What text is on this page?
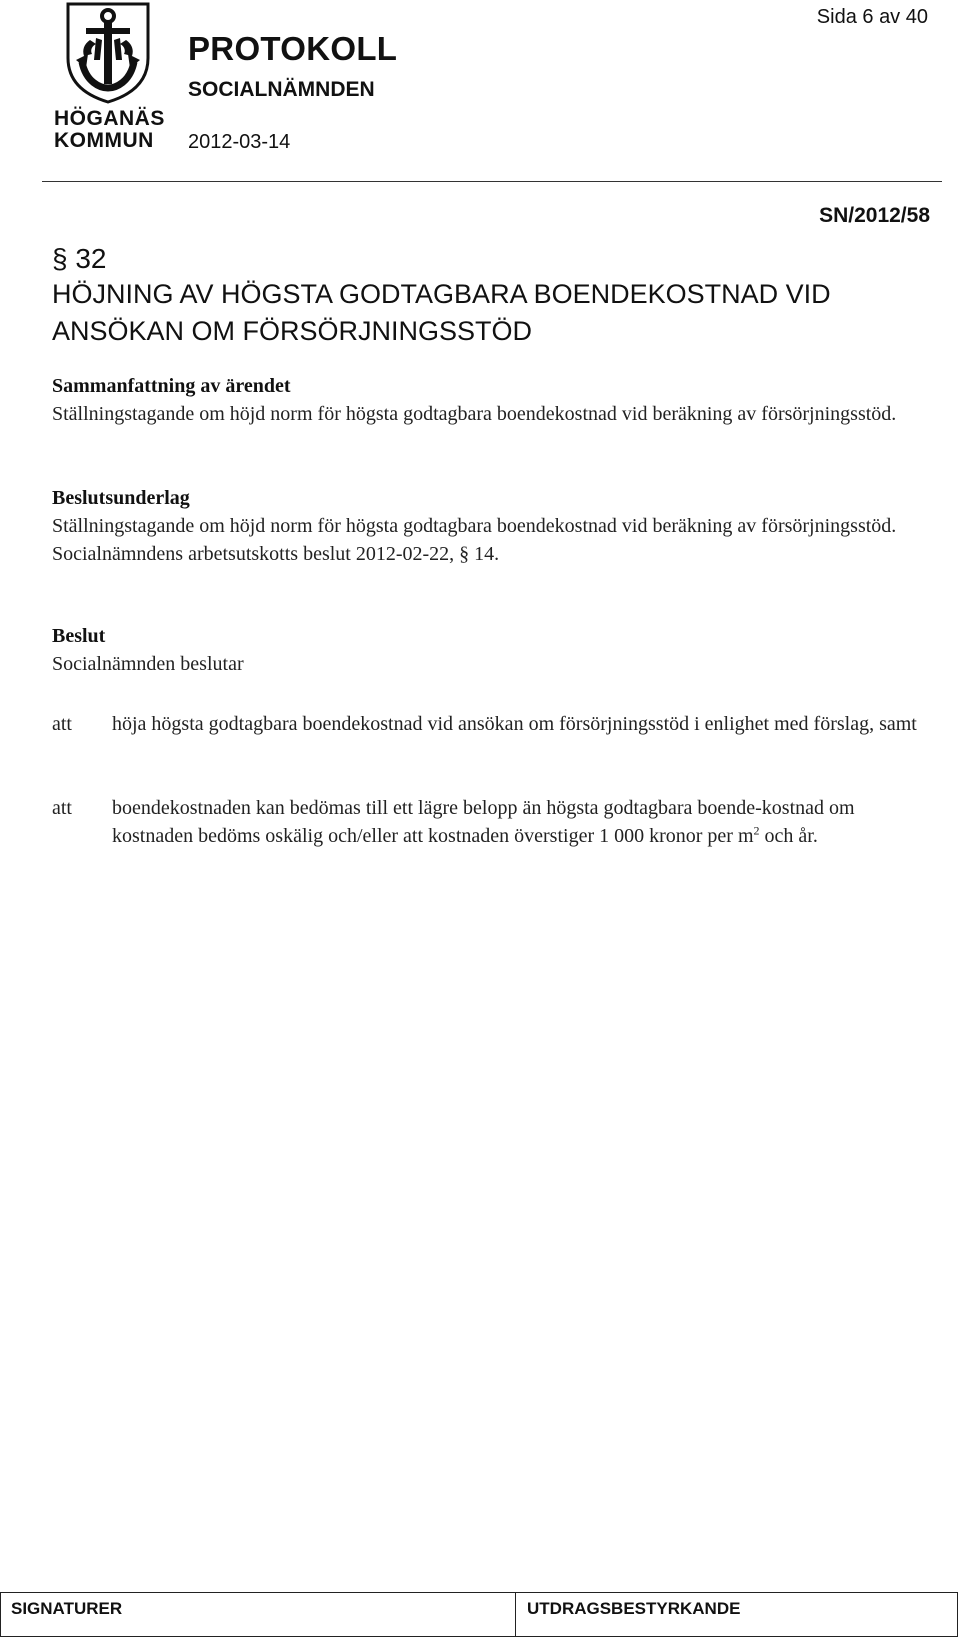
HÖGANÄS
KOMMUN
PROTOKOLL
SOCIALNÄMNDEN
2012-03-14
Sida 6 av 40
SN/2012/58
§ 32
HÖJNING AV HÖGSTA GODTAGBARA BOENDEKOSTNAD VID
ANSÖKAN OM FÖRSÖRJNINGSSTÖD
Sammanfattning av ärendet
Ställningstagande om höjd norm för högsta godtagbara boendekostnad vid beräkning av försörjningsstöd.
Beslutsunderlag
Ställningstagande om höjd norm för högsta godtagbara boendekostnad vid beräkning av försörjningsstöd.
Socialnämndens arbetsutskotts beslut 2012-02-22, § 14.
Beslut
Socialnämnden beslutar
att höja högsta godtagbara boendekostnad vid ansökan om försörjningsstöd i enlighet med förslag, samt
att boendekostnaden kan bedömas till ett lägre belopp än högsta godtagbara boende-kostnad om kostnaden bedöms oskälig och/eller att kostnaden överstiger 1 000 kronor per $m^2$ och år.
SIGNATURER	UTDRAGSBESTYRKANDE
